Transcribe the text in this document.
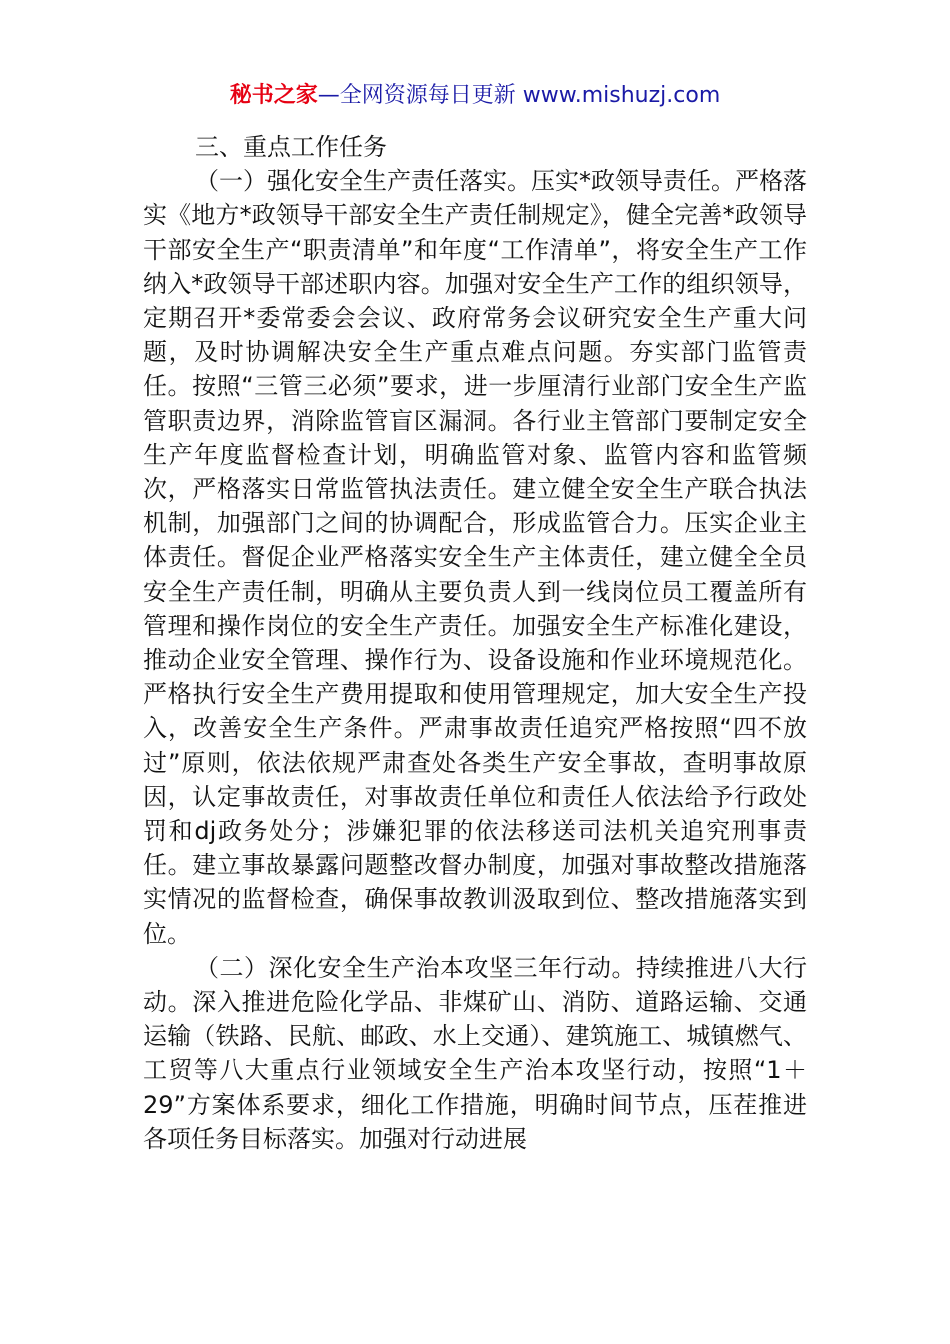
秘书之家—全网资源每日更新 www.mishuzj.com

三、重点工作任务

（一）强化安全生产责任落实。压实*政领导责任。严格落实《地方*政领导干部安全生产责任制规定》，健全完善*政领导干部安全生产“职责清单”和年度“工作清单”，将安全生产工作纳入*政领导干部述职内容。加强对安全生产工作的组织领导，定期召开*委常委会会议、政府常务会议研究安全生产重大问题，及时协调解决安全生产重点难点问题。夯实部门监管责任。按照“三管三必须”要求，进一步厘清行业部门安全生产监管职责边界，消除监管盲区漏洞。各行业主管部门要制定安全生产年度监督检查计划，明确监管对象、监管内容和监管频次，严格落实日常监管执法责任。建立健全安全生产联合执法机制，加强部门之间的协调配合，形成监管合力。压实企业主体责任。督促企业严格落实安全生产主体责任，建立健全全员安全生产责任制，明确从主要负责人到一线岗位员工覆盖所有管理和操作岗位的安全生产责任。加强安全生产标准化建设，推动企业安全管理、操作行为、设备设施和作业环境规范化。严格执行安全生产费用提取和使用管理规定，加大安全生产投入，改善安全生产条件。严肃事故责任追究严格按照“四不放过”原则，依法依规严肃查处各类生产安全事故，查明事故原因，认定事故责任，对事故责任单位和责任人依法给予行政处罚和dj政务处分；涉嫌犯罪的依法移送司法机关追究刑事责任。建立事故暴露问题整改督办制度，加强对事故整改措施落实情况的监督检查，确保事故教训汲取到位、整改措施落实到位。

（二）深化安全生产治本攻坚三年行动。持续推进八大行动。深入推进危险化学品、非煤矿山、消防、道路运输、交通运输（铁路、民航、邮政、水上交通）、建筑施工、城镇燃气、工贸等八大重点行业领域安全生产治本攻坚行动，按照“1＋29”方案体系要求，细化工作措施，明确时间节点，压茬推进各项任务目标落实。加强对行动进展
